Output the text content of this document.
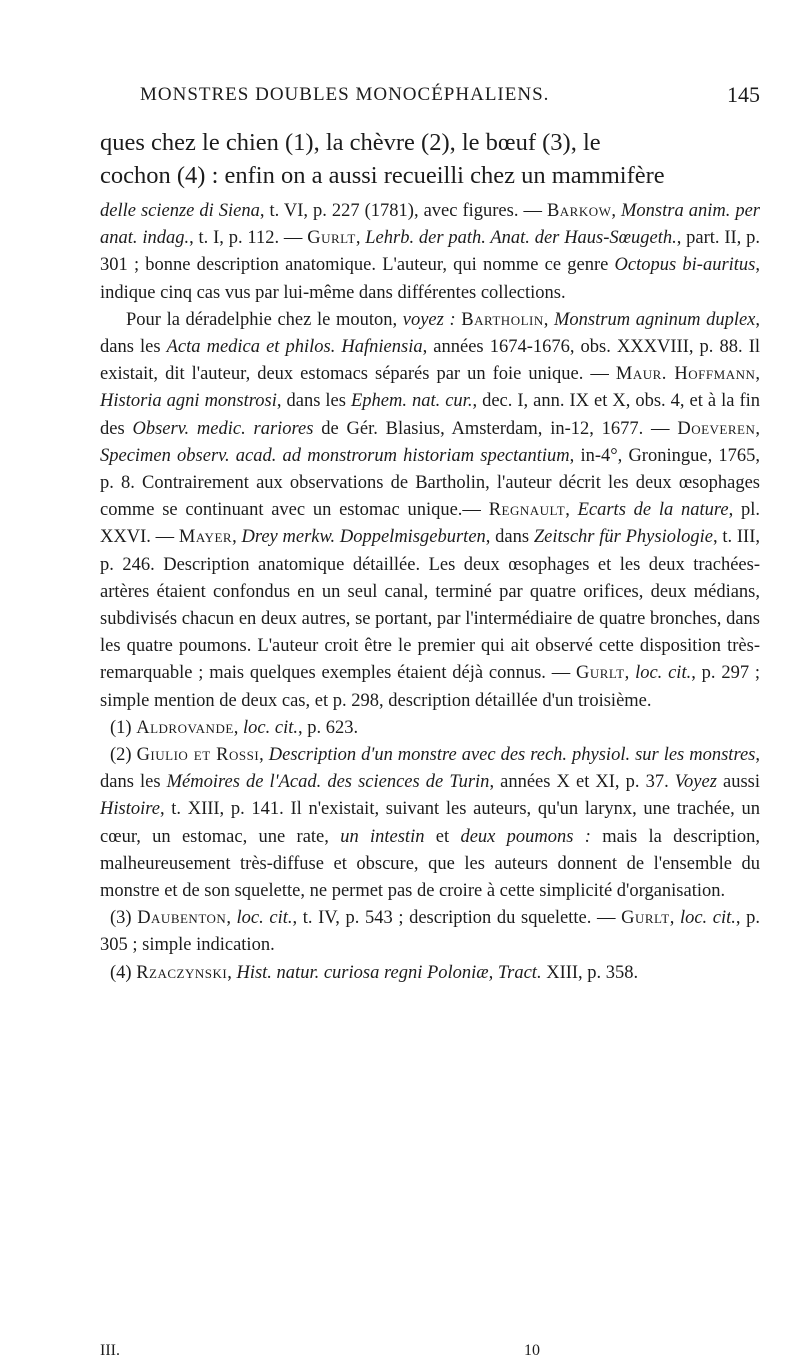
MONSTRES DOUBLES MONOCÉPHALIENS.	145

ques chez le chien (1), la chèvre (2), le bœuf (3), le

cochon (4) : enfin on a aussi recueilli chez un mammifère

delle scienze di Siena, t. VI, p. 227 (1781), avec figures. — Barkow, Monstra anim. per anat. indag., t. I, p. 112. — Gurlt, Lehrb. der path. Anat. der Haus-Sœugeth., part. II, p. 301 ; bonne description anatomique. L'auteur, qui nomme ce genre Octopus bi-auritus, indique cinq cas vus par lui-même dans différentes collections.

Pour la déradelphie chez le mouton, voyez : Bartholin, Monstrum agninum duplex, dans les Acta medica et philos. Hafniensia, années 1674-1676, obs. XXXVIII, p. 88. Il existait, dit l'auteur, deux estomacs séparés par un foie unique. — Maur. Hoffmann, Historia agni monstrosi, dans les Ephem. nat. cur., dec. I, ann. IX et X, obs. 4, et à la fin des Observ. medic. rariores de Gér. Blasius, Amsterdam, in-12, 1677. — Doeveren, Specimen observ. acad. ad monstrorum historiam spectantium, in-4°, Groningue, 1765, p. 8. Contrairement aux observations de Bartholin, l'auteur décrit les deux œsophages comme se continuant avec un estomac unique.— Regnault, Ecarts de la nature, pl. XXVI. — Mayer, Drey merkw. Doppelmisgeburten, dans Zeitschr für Physiologie, t. III, p. 246. Description anatomique détaillée. Les deux œsophages et les deux trachées-artères étaient confondus en un seul canal, terminé par quatre orifices, deux médians, subdivisés chacun en deux autres, se portant, par l'intermédiaire de quatre bronches, dans les quatre poumons. L'auteur croit être le premier qui ait observé cette disposition très-remarquable ; mais quelques exemples étaient déjà connus. — Gurlt, loc. cit., p. 297 ; simple mention de deux cas, et p. 298, description détaillée d'un troisième.

(1) Aldrovande, loc. cit., p. 623.

(2) Giulio et Rossi, Description d'un monstre avec des rech. physiol. sur les monstres, dans les Mémoires de l'Acad. des sciences de Turin, années X et XI, p. 37. Voyez aussi Histoire, t. XIII, p. 141. Il n'existait, suivant les auteurs, qu'un larynx, une trachée, un cœur, un estomac, une rate, un intestin et deux poumons : mais la description, malheureusement très-diffuse et obscure, que les auteurs donnent de l'ensemble du monstre et de son squelette, ne permet pas de croire à cette simplicité d'organisation.

(3) Daubenton, loc. cit., t. IV, p. 543 ; description du squelette. — Gurlt, loc. cit., p. 305 ; simple indication.

(4) Rzaczynski, Hist. natur. curiosa regni Poloniæ, Tract. XIII, p. 358.

III.	10
